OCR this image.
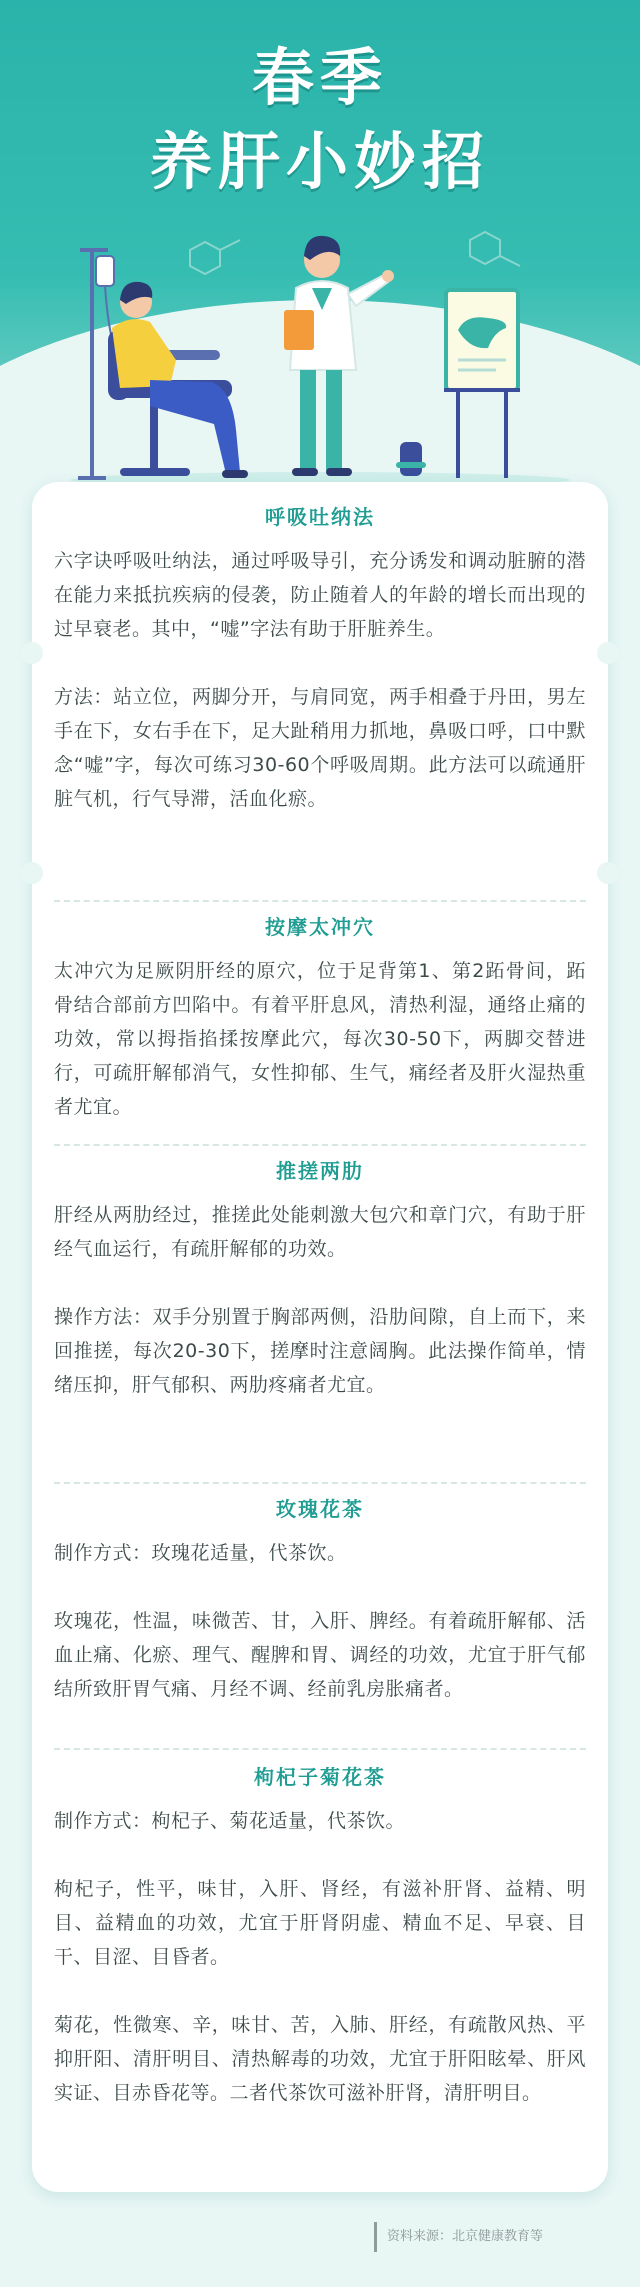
春季
养肝小妙招
呼吸吐纳法

六字诀呼吸吐纳法，通过呼吸导引，充分诱发和调动脏腑的潜在能力来抵抗疾病的侵袭，防止随着人的年龄的增长而出现的过早衰老。其中，“嘘”字法有助于肝脏养生。

方法：站立位，两脚分开，与肩同宽，两手相叠于丹田，男左手在下，女右手在下，足大趾稍用力抓地，鼻吸口呼，口中默念“嘘”字，每次可练习30-60个呼吸周期。此方法可以疏通肝脏气机，行气导滞，活血化瘀。

按摩太冲穴

太冲穴为足厥阴肝经的原穴，位于足背第1、第2跖骨间，跖骨结合部前方凹陷中。有着平肝息风，清热利湿，通络止痛的功效，常以拇指掐揉按摩此穴，每次30-50下，两脚交替进行，可疏肝解郁消气，女性抑郁、生气，痛经者及肝火湿热重者尤宜。

推搓两肋

肝经从两肋经过，推搓此处能刺激大包穴和章门穴，有助于肝经气血运行，有疏肝解郁的功效。

操作方法：双手分别置于胸部两侧，沿肋间隙，自上而下，来回推搓，每次20-30下，搓摩时注意阔胸。此法操作简单，情绪压抑，肝气郁积、两肋疼痛者尤宜。

玫瑰花茶

制作方式：玫瑰花适量，代茶饮。

玫瑰花，性温，味微苦、甘，入肝、脾经。有着疏肝解郁、活血止痛、化瘀、理气、醒脾和胃、调经的功效，尤宜于肝气郁结所致肝胃气痛、月经不调、经前乳房胀痛者。

枸杞子菊花茶

制作方式：枸杞子、菊花适量，代茶饮。

枸杞子，性平，味甘，入肝、肾经，有滋补肝肾、益精、明目、益精血的功效，尤宜于肝肾阴虚、精血不足、早衰、目干、目涩、目昏者。

菊花，性微寒、辛，味甘、苦，入肺、肝经，有疏散风热、平抑肝阳、清肝明目、清热解毒的功效，尤宜于肝阳眩晕、肝风实证、目赤昏花等。二者代茶饮可滋补肝肾，清肝明目。

资料来源：北京健康教育等
